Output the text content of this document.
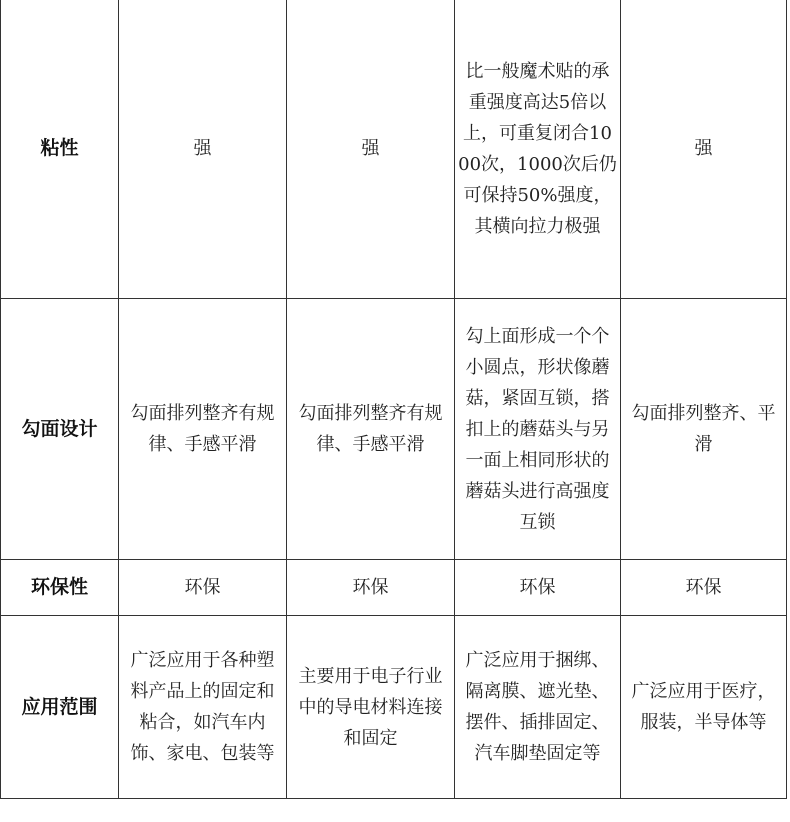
粘性	强	强	比一般魔术贴的承重强度高达5倍以上，可重复闭合1000次，1000次后仍可保持50%强度，其横向拉力极强	强
勾面设计	勾面排列整齐有规律、手感平滑	勾面排列整齐有规律、手感平滑	勾上面形成一个个小圆点，形状像蘑菇，紧固互锁，搭扣上的蘑菇头与另一面上相同形状的蘑菇头进行高强度互锁	勾面排列整齐、平滑
环保性	环保	环保	环保	环保
应用范围	广泛应用于各种塑料产品上的固定和粘合，如汽车内饰、家电、包装等	主要用于电子行业中的导电材料连接和固定	广泛应用于捆绑、隔离膜、遮光垫、摆件、插排固定、汽车脚垫固定等	广泛应用于医疗，服装，半导体等
